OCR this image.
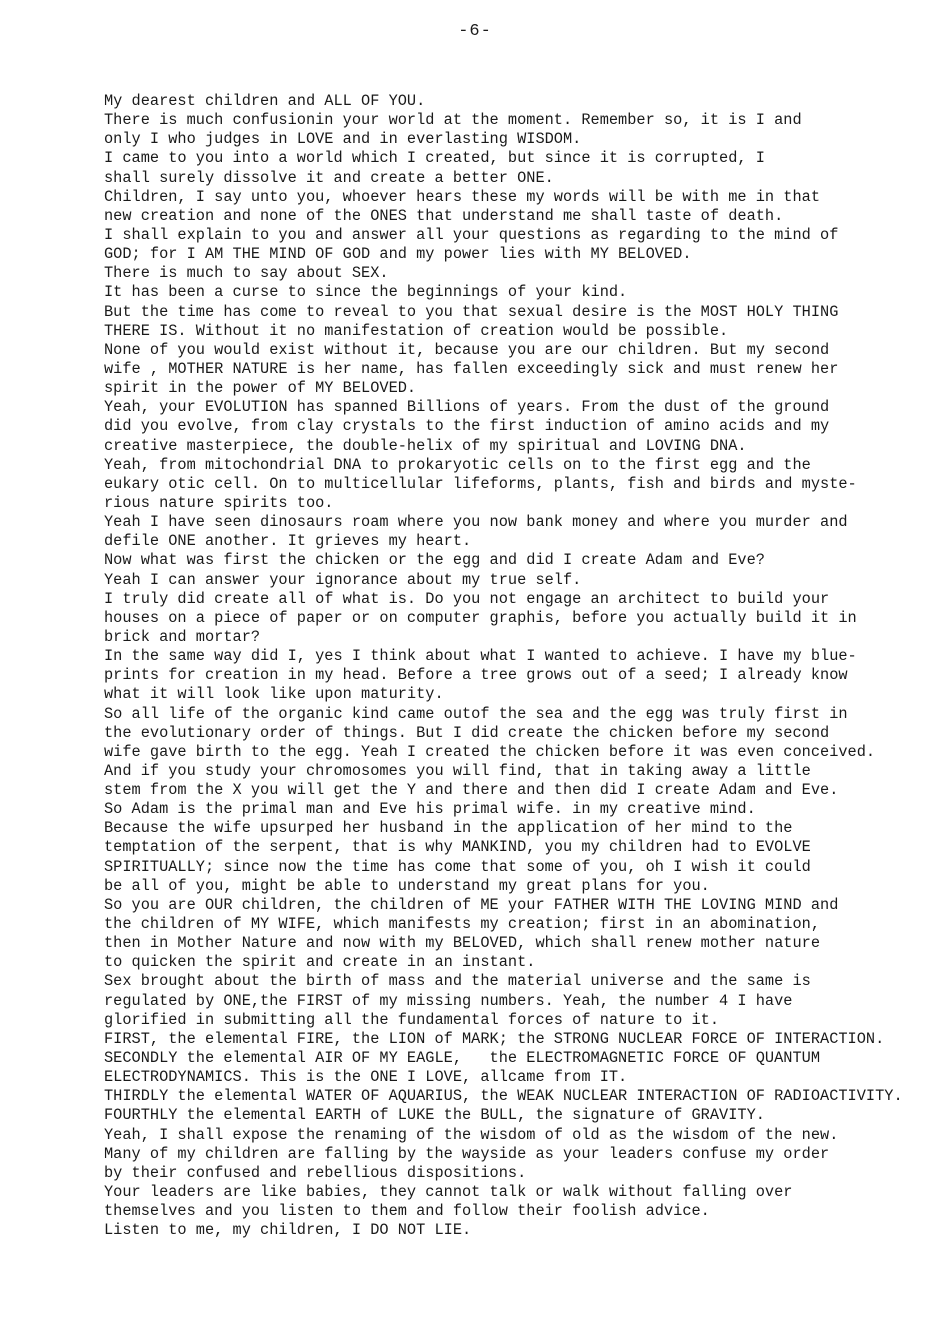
-6-
My dearest children and ALL OF YOU.
There is much confusionin your world at the moment. Remember so, it is I and
only I who judges in LOVE and in everlasting WISDOM.
I came to you into a world which I created, but since it is corrupted, I
shall surely dissolve it and create a better ONE.
Children, I say unto you, whoever hears these my words will be with me in that
new creation and none of the ONES that understand me shall taste of death.
I shall explain to you and answer all your questions as regarding to the mind of
GOD; for I AM THE MIND OF GOD and my power lies with MY BELOVED.
There is much to say about SEX.
It has been a curse to since the beginnings of your kind.
But the time has come to reveal to you that sexual desire is the MOST HOLY THING
THERE IS. Without it no manifestation of creation would be possible.
None of you would exist without it, because you are our children. But my second
wife , MOTHER NATURE is her name, has fallen exceedingly sick and must renew her
spirit in the power of MY BELOVED.
Yeah, your EVOLUTION has spanned Billions of years. From the dust of the ground
did you evolve, from clay crystals to the first induction of amino acids and my
creative masterpiece, the double-helix of my spiritual and LOVING DNA.
Yeah, from mitochondrial DNA to prokaryotic cells on to the first egg and the
eukary otic cell. On to multicellular lifeforms, plants, fish and birds and myste-
rious nature spirits too.
Yeah I have seen dinosaurs roam where you now bank money and where you murder and
defile ONE another. It grieves my heart.
Now what was first the chicken or the egg and did I create Adam and Eve?
Yeah I can answer your ignorance about my true self.
I truly did create all of what is. Do you not engage an architect to build your
houses on a piece of paper or on computer graphis, before you actually build it in
brick and mortar?
In the same way did I, yes I think about what I wanted to achieve. I have my blue-
prints for creation in my head. Before a tree grows out of a seed; I already know
what it will look like upon maturity.
So all life of the organic kind came outof the sea and the egg was truly first in
the evolutionary order of things. But I did create the chicken before my second
wife gave birth to the egg. Yeah I created the chicken before it was even conceived.
And if you study your chromosomes you will find, that in taking away a little
stem from the X you will get the Y and there and then did I create Adam and Eve.
So Adam is the primal man and Eve his primal wife. in my creative mind.
Because the wife upsurped her husband in the application of her mind to the
temptation of the serpent, that is why MANKIND, you my children had to EVOLVE
SPIRITUALLY; since now the time has come that some of you, oh I wish it could
be all of you, might be able to understand my great plans for you.
So you are OUR children, the children of ME your FATHER WITH THE LOVING MIND and
the children of MY WIFE, which manifests my creation; first in an abomination,
then in Mother Nature and now with my BELOVED, which shall renew mother nature
to quicken the spirit and create in an instant.
Sex brought about the birth of mass and the material universe and the same is
regulated by ONE,the FIRST of my missing numbers. Yeah, the number 4 I have
glorified in submitting all the fundamental forces of nature to it.
FIRST, the elemental FIRE, the LION of MARK; the STRONG NUCLEAR FORCE OF INTERACTION.
SECONDLY the elemental AIR OF MY EAGLE,   the ELECTROMAGNETIC FORCE OF QUANTUM
ELECTRODYNAMICS. This is the ONE I LOVE, allcame from IT.
THIRDLY the elemental WATER OF AQUARIUS, the WEAK NUCLEAR INTERACTION OF RADIOACTIVITY.
FOURTHLY the elemental EARTH of LUKE the BULL, the signature of GRAVITY.
Yeah, I shall expose the renaming of the wisdom of old as the wisdom of the new.
Many of my children are falling by the wayside as your leaders confuse my order
by their confused and rebellious dispositions.
Your leaders are like babies, they cannot talk or walk without falling over
themselves and you listen to them and follow their foolish advice.
Listen to me, my children, I DO NOT LIE.
